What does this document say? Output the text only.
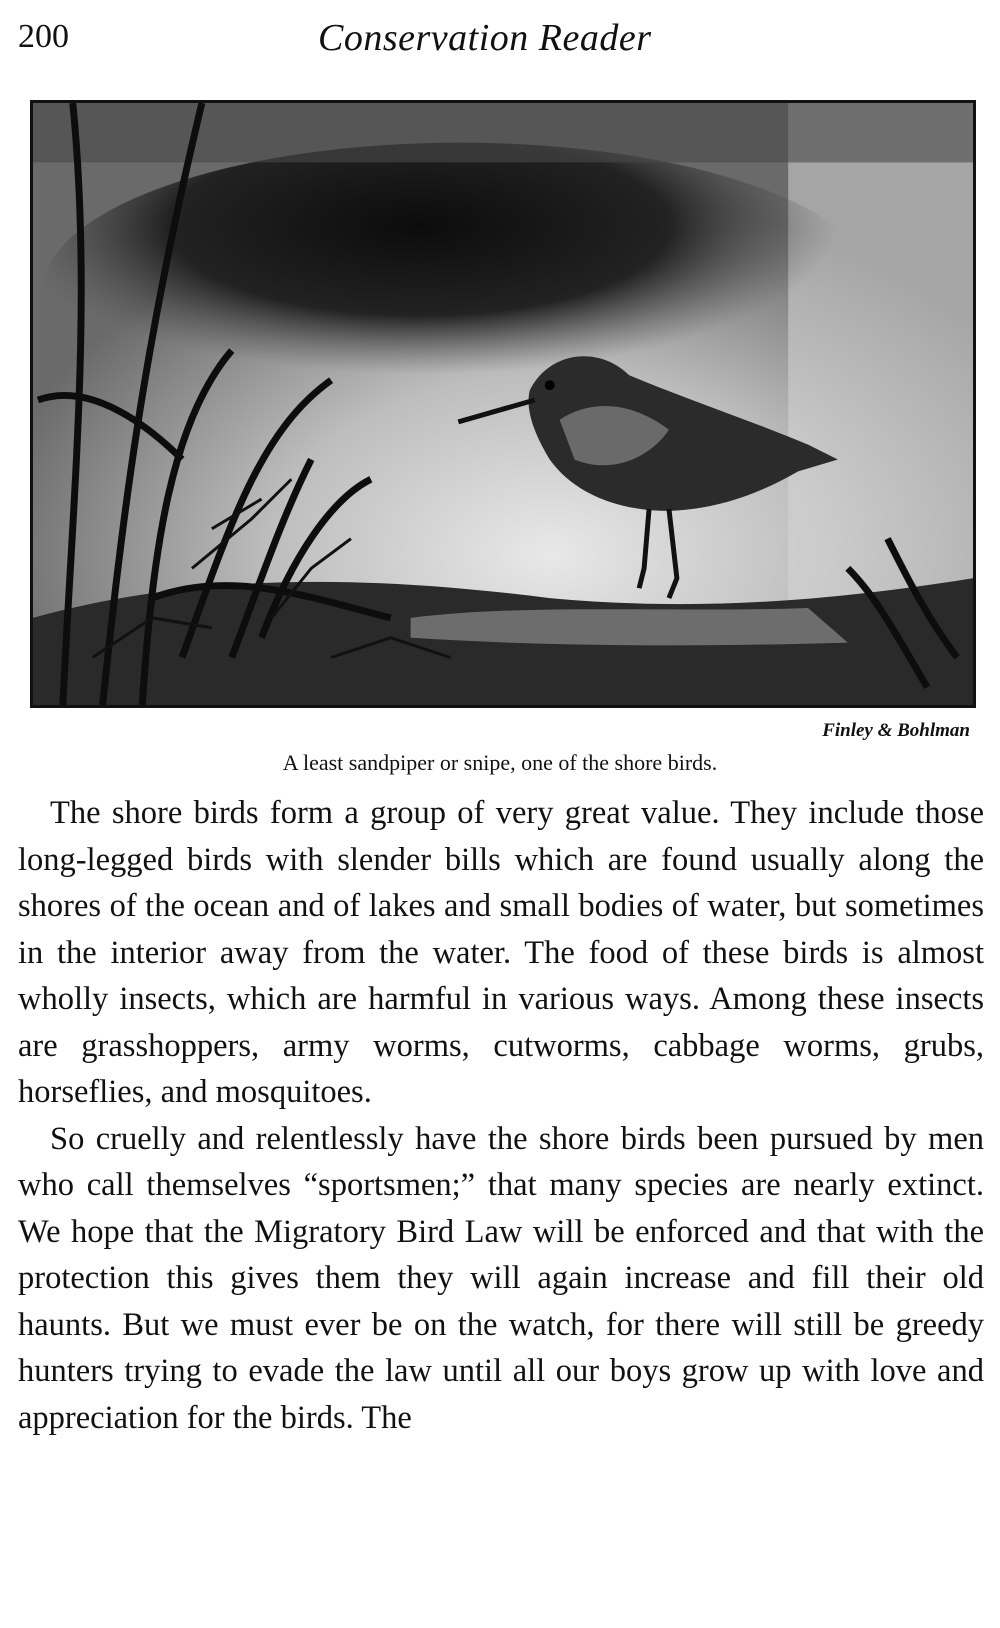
200	Conservation Reader
Finley & Bohlman
A least sandpiper or snipe, one of the shore birds.

The shore birds form a group of very great value. They include those long-legged birds with slender bills which are found usually along the shores of the ocean and of lakes and small bodies of water, but sometimes in the interior away from the water. The food of these birds is almost wholly insects, which are harmful in various ways. Among these insects are grasshoppers, army worms, cutworms, cabbage worms, grubs, horseflies, and mosquitoes.

So cruelly and relentlessly have the shore birds been pursued by men who call themselves “sportsmen;” that many species are nearly extinct. We hope that the Migratory Bird Law will be enforced and that with the protection this gives them they will again increase and fill their old haunts. But we must ever be on the watch, for there will still be greedy hunters trying to evade the law until all our boys grow up with love and appreciation for the birds. The
